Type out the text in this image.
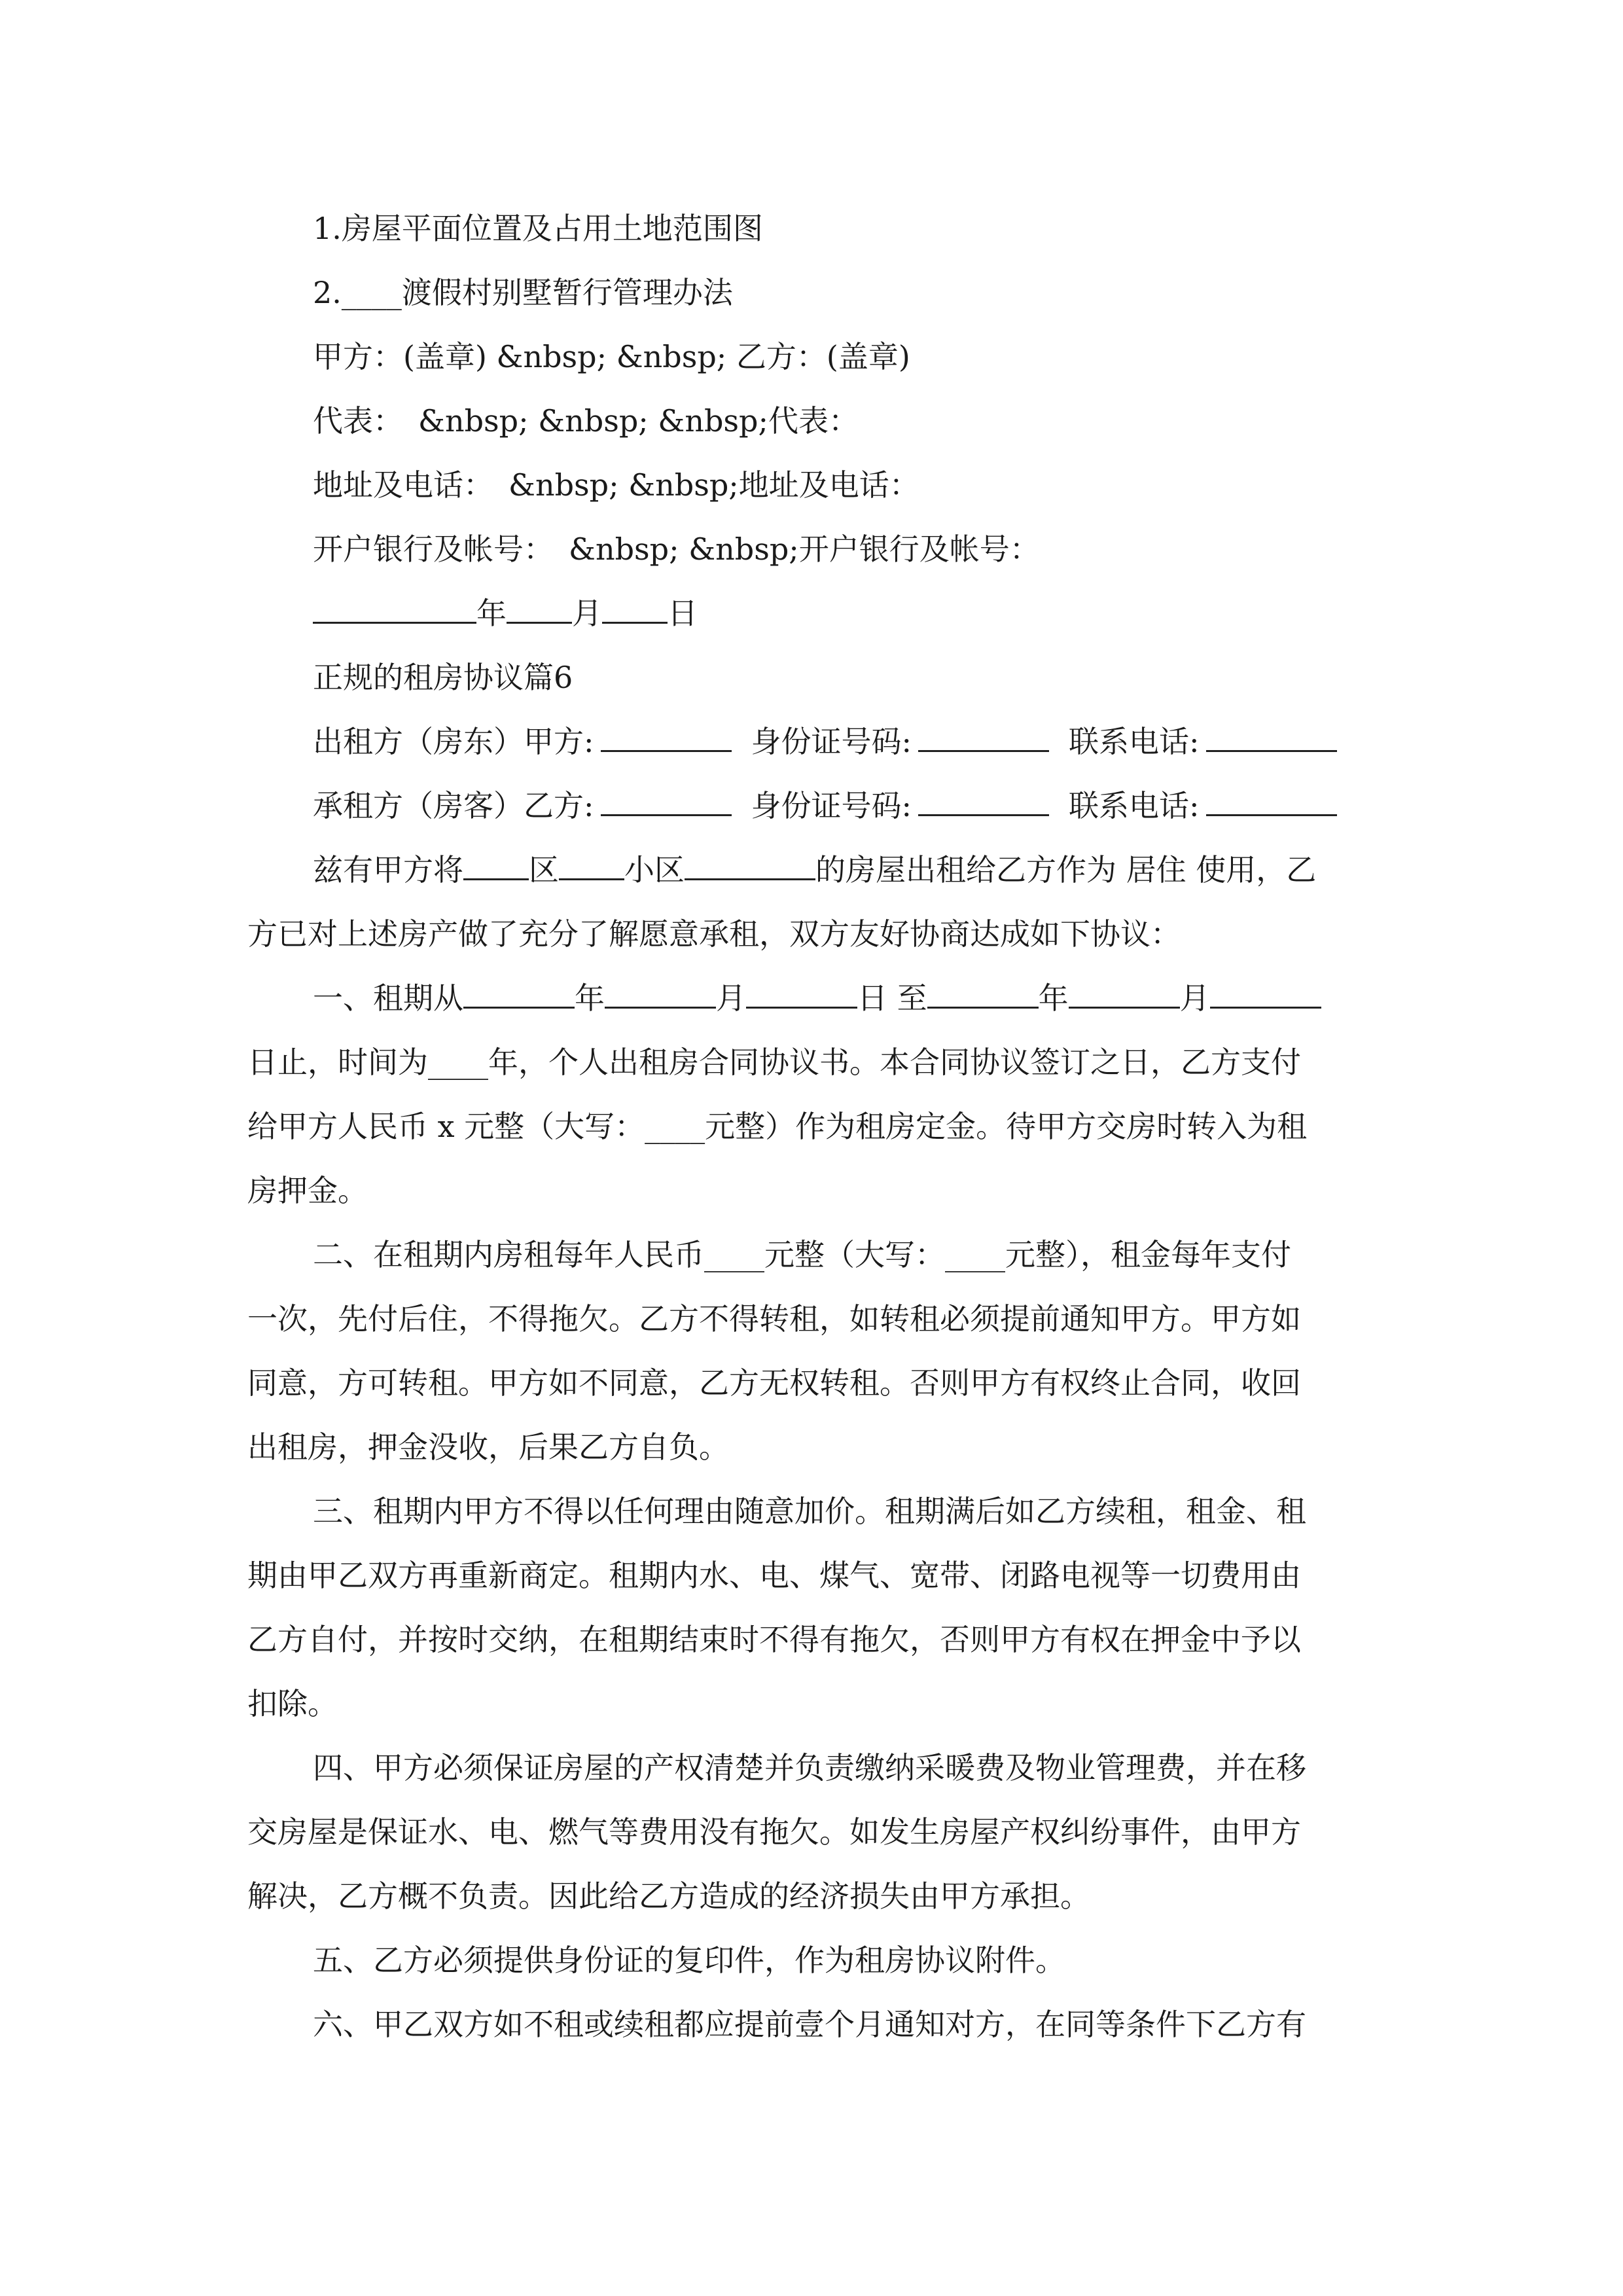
1.房屋平面位置及占用土地范围图
2.____渡假村别墅暂行管理办法
甲方：(盖章) &nbsp; &nbsp; 乙方：(盖章)
代表：　&nbsp; &nbsp; &nbsp;代表：
地址及电话：　&nbsp; &nbsp;地址及电话：
开户银行及帐号：　&nbsp; &nbsp;开户银行及帐号：
年 月 日
正规的租房协议篇6
出租方（房东）甲方:	身份证号码:	联系电话:
承租方（房客）乙方:	身份证号码:	联系电话:
兹有甲方将 区 小区	的房屋出租给乙方作为 居住 使用，乙
方已对上述房产做了充分了解愿意承租，双方友好协商达成如下协议：
一、租期从	年	月	日 至	年	月
日止，时间为____年，个人出租房合同协议书。本合同协议签订之日，乙方支付
给甲方人民币 x 元整（大写：____元整）作为租房定金。待甲方交房时转入为租
房押金。
二、在租期内房租每年人民币____元整（大写：____元整），租金每年支付
一次，先付后住，不得拖欠。乙方不得转租，如转租必须提前通知甲方。甲方如
同意，方可转租。甲方如不同意，乙方无权转租。否则甲方有权终止合同，收回
出租房，押金没收，后果乙方自负。
三、租期内甲方不得以任何理由随意加价。租期满后如乙方续租，租金、租
期由甲乙双方再重新商定。租期内水、电、煤气、宽带、闭路电视等一切费用由
乙方自付，并按时交纳，在租期结束时不得有拖欠，否则甲方有权在押金中予以
扣除。
四、甲方必须保证房屋的产权清楚并负责缴纳采暖费及物业管理费，并在移
交房屋是保证水、电、燃气等费用没有拖欠。如发生房屋产权纠纷事件，由甲方
解决，乙方概不负责。因此给乙方造成的经济损失由甲方承担。
五、乙方必须提供身份证的复印件，作为租房协议附件。
六、甲乙双方如不租或续租都应提前壹个月通知对方，在同等条件下乙方有
